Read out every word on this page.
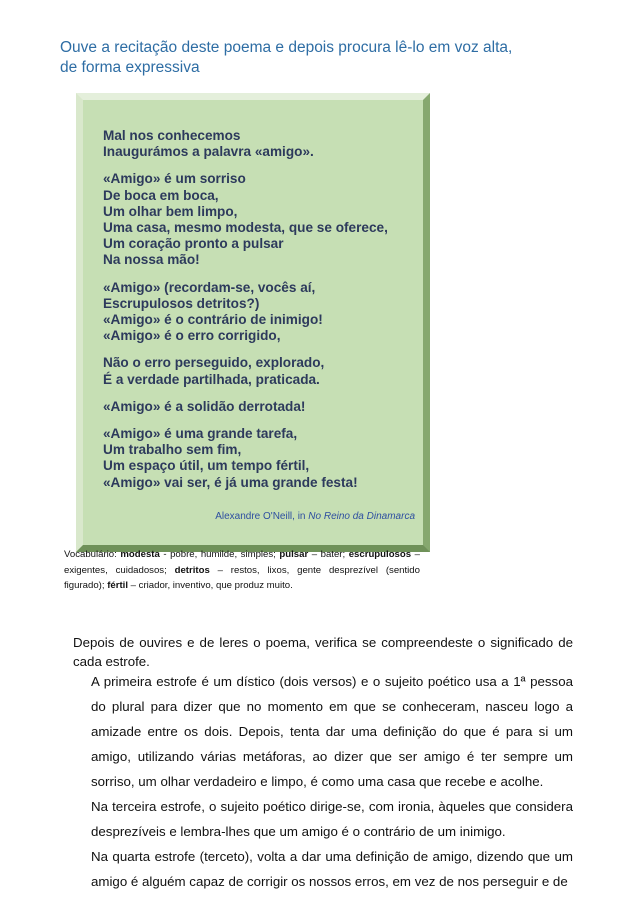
Ouve a recitação deste poema e depois procura lê-lo em voz alta,
de forma expressiva
Mal nos conhecemos
Inaugurámos a palavra «amigo».
«Amigo» é um sorriso
De boca em boca,
Um olhar bem limpo,
Uma casa, mesmo modesta, que se oferece,
Um coração pronto a pulsar
Na nossa mão!
«Amigo» (recordam-se, vocês aí,
Escrupulosos detritos?)
«Amigo» é o contrário de inimigo!
«Amigo» é o erro corrigido,
Não o erro perseguido, explorado,
É a verdade partilhada, praticada.
«Amigo» é a solidão derrotada!
«Amigo» é uma grande tarefa,
Um trabalho sem fim,
Um espaço útil, um tempo fértil,
«Amigo» vai ser, é já uma grande festa!
Alexandre O'Neill, in No Reino da Dinamarca
Vocabulário: modesta - pobre, humilde, simples; pulsar – bater; escrupulosos – exigentes, cuidadosos; detritos – restos, lixos, gente desprezível (sentido figurado); fértil – criador, inventivo, que produz muito.
Depois de ouvires e de leres o poema, verifica se compreendeste o significado de cada estrofe.

A primeira estrofe é um dístico (dois versos) e o sujeito poético usa a 1ª pessoa do plural para dizer que no momento em que se conheceram, nasceu logo a amizade entre os dois. Depois, tenta dar uma definição do que é para si um amigo, utilizando várias metáforas, ao dizer que ser amigo é ter sempre um sorriso, um olhar verdadeiro e limpo, é como uma casa que recebe e acolhe.

Na terceira estrofe, o sujeito poético dirige-se, com ironia, àqueles que considera desprezíveis e lembra-lhes que um amigo é o contrário de um inimigo.

Na quarta estrofe (terceto), volta a dar uma definição de amigo, dizendo que um amigo é alguém capaz de corrigir os nossos erros, em vez de nos perseguir e de
